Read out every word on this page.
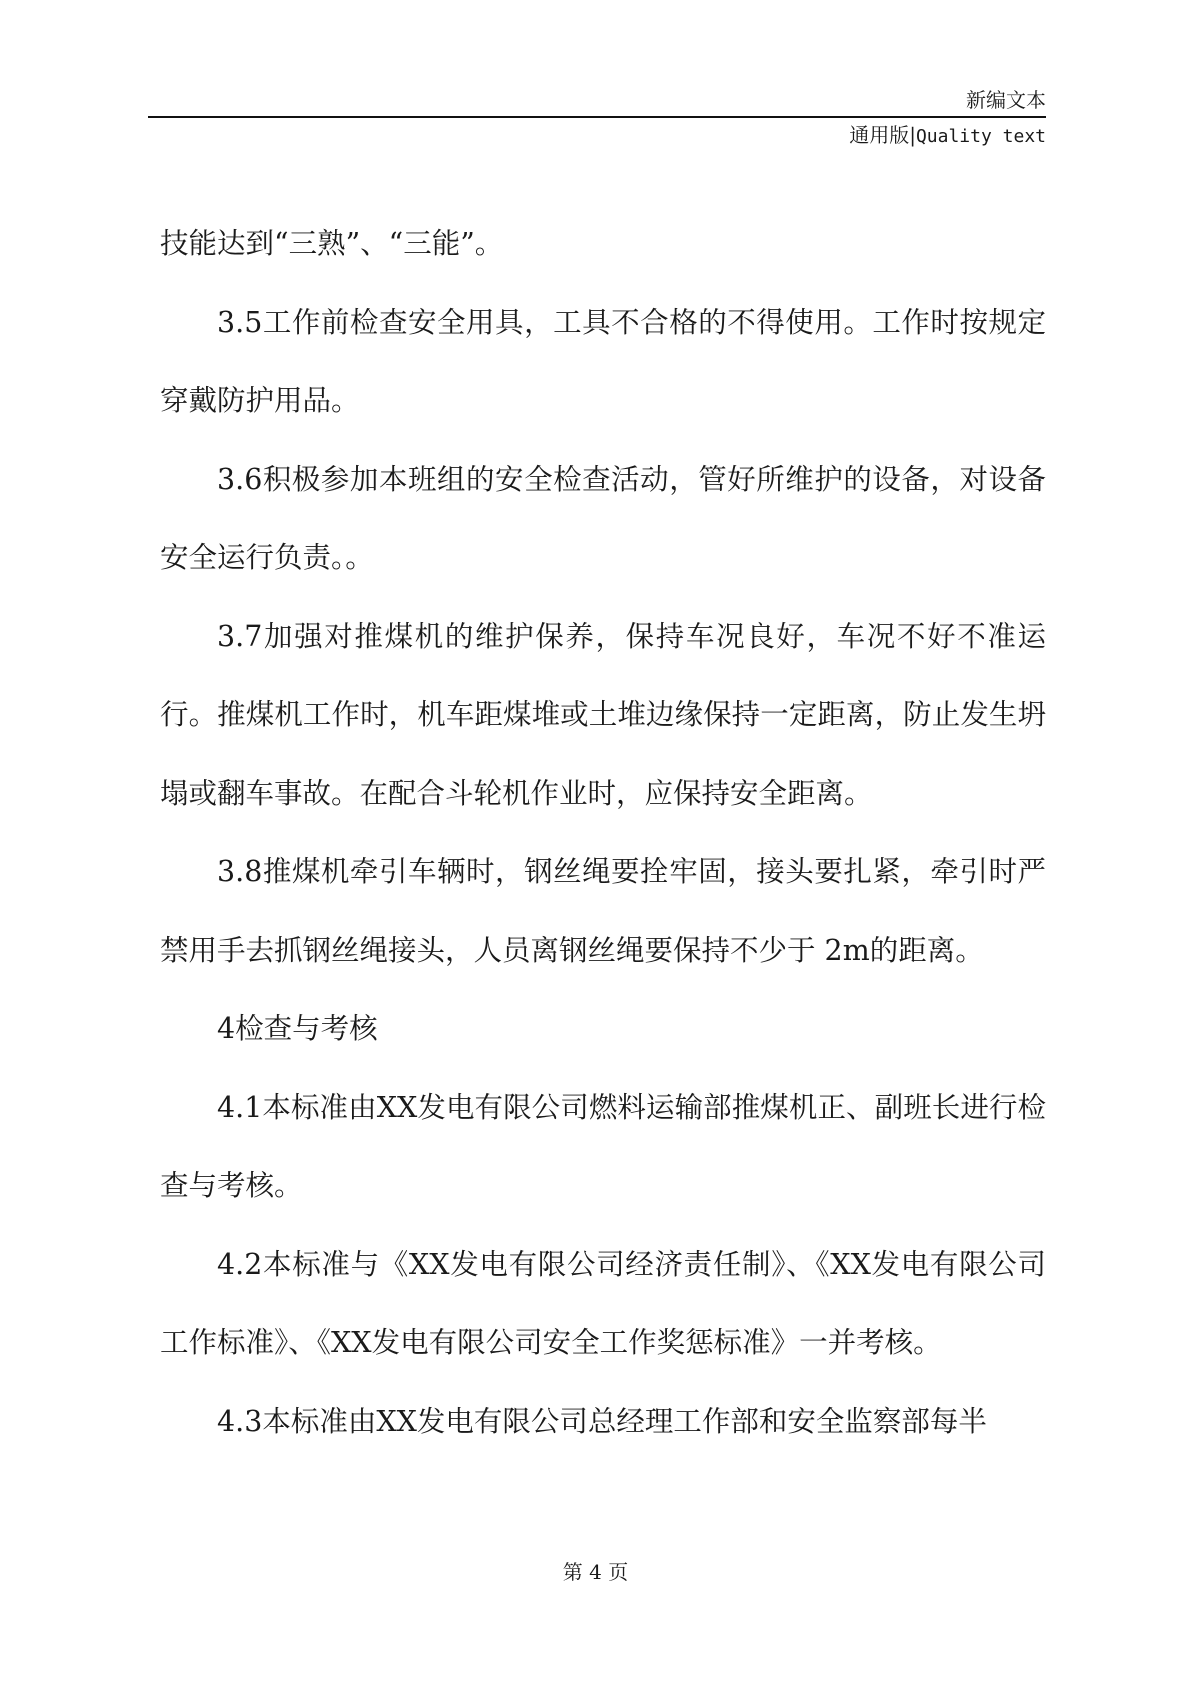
新编文本
通用版|Quality text

技能达到“三熟”、“三能”。

3.5工作前检查安全用具，工具不合格的不得使用。工作时按规定穿戴防护用品。

3.6积极参加本班组的安全检查活动，管好所维护的设备，对设备安全运行负责。。

3.7加强对推煤机的维护保养，保持车况良好，车况不好不准运行。推煤机工作时，机车距煤堆或土堆边缘保持一定距离，防止发生坍塌或翻车事故。在配合斗轮机作业时，应保持安全距离。

3.8推煤机牵引车辆时，钢丝绳要拴牢固，接头要扎紧，牵引时严禁用手去抓钢丝绳接头，人员离钢丝绳要保持不少于 2m的距离。

4检查与考核

4.1本标准由XX发电有限公司燃料运输部推煤机正、副班长进行检查与考核。

4.2本标准与《XX发电有限公司经济责任制》、《XX发电有限公司工作标准》、《XX发电有限公司安全工作奖惩标准》一并考核。

4.3本标准由XX发电有限公司总经理工作部和安全监察部每半

第 4 页
